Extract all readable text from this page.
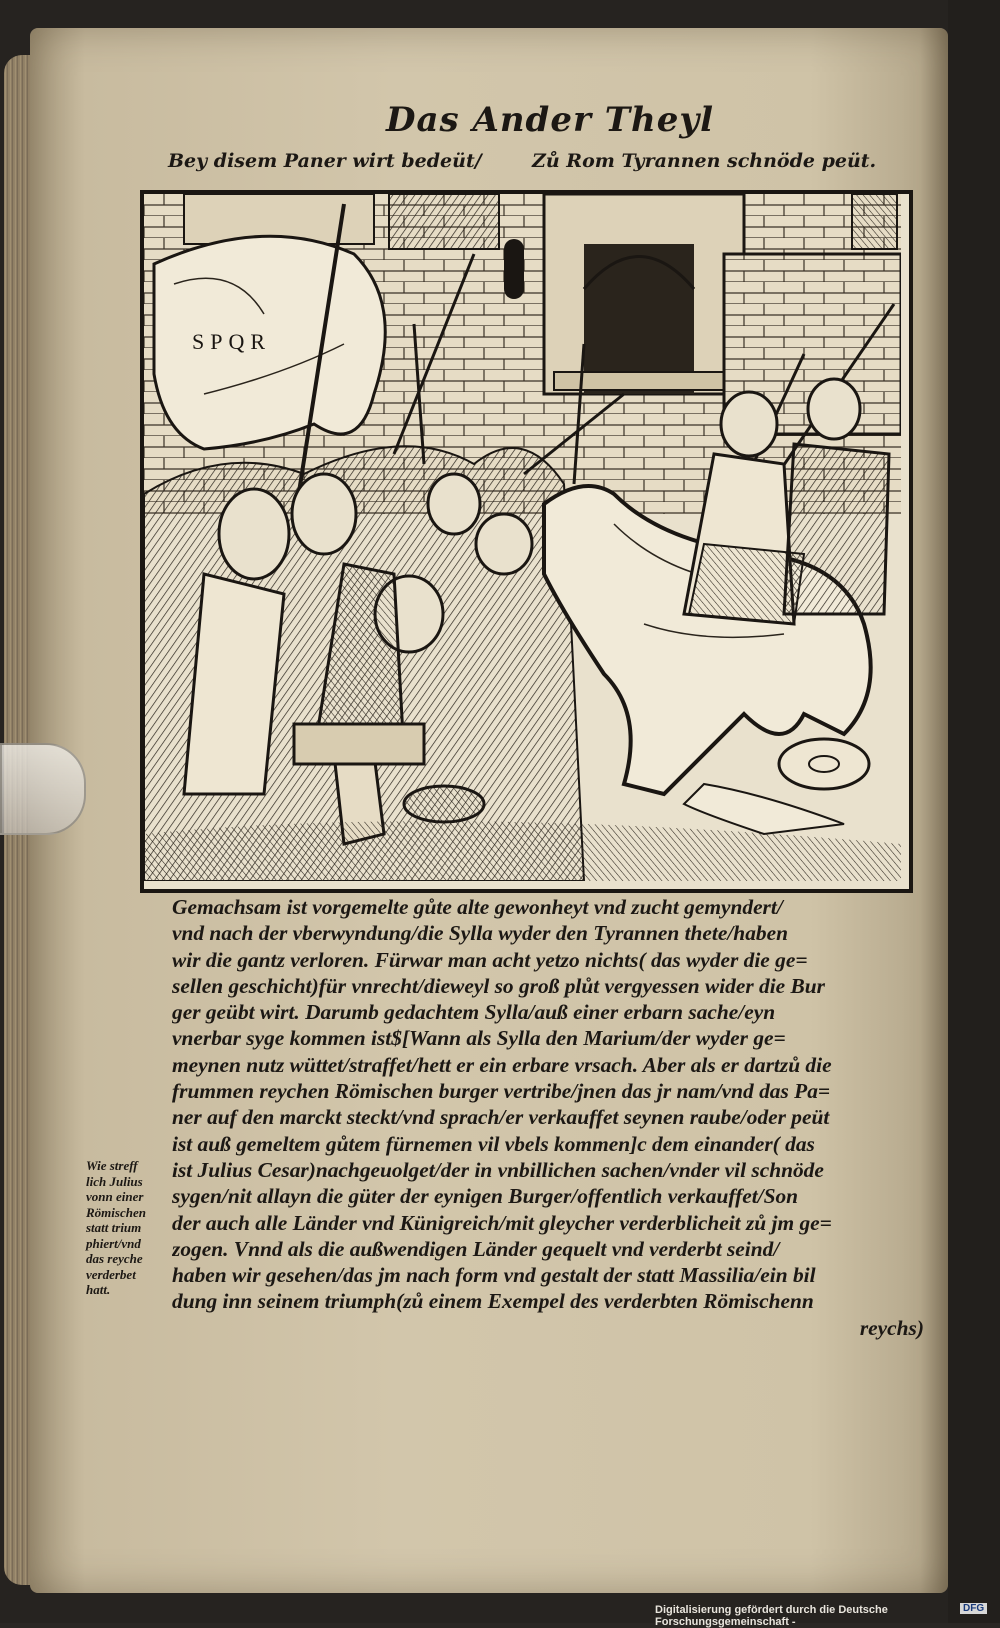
Das Ander Theyl
Bey disem Paner wirt bedeüt/	Zů Rom Tyrannen schnöde peüt.
SPQR
Gemachsam ist vorgemelte gůte alte gewonheyt vnd zucht gemyndert/
vnd nach der vberwyndung/die Sylla wyder den Tyrannen thete/haben
wir die gantz verloren. Fürwar man acht yetzo nichts( das wyder die ge=
sellen geschicht)für vnrecht/dieweyl so groß plůt vergyessen wider die Bur
ger geübt wirt. Darumb gedachtem Sylla/auß einer erbarn sache/eyn
vnerbar syge kommen ist$[Wann als Sylla den Marium/der wyder ge=
meynen nutz wüttet/straffet/hett er ein erbare vrsach. Aber als er dartzů die
frummen reychen Römischen burger vertribe/jnen das jr nam/vnd das Pa=
ner auf den marckt steckt/vnd sprach/er verkauffet seynen raube/oder peüt
ist auß gemeltem gůtem fürnemen vil vbels kommen]c dem einander( das
ist Julius Cesar)nachgeuolget/der in vnbillichen sachen/vnder vil schnöde
sygen/nit allayn die güter der eynigen Burger/offentlich verkauffet/Son
der auch alle Länder vnd Künigreich/mit gleycher verderblicheit zů jm ge=
zogen. Vnnd als die außwendigen Länder gequelt vnd verderbt seind/
haben wir gesehen/das jm nach form vnd gestalt der statt Massilia/ein bil
dung inn seinem triumph(zů einem Exempel des verderbten Römischenn
reychs)
Wie streff
lich Julius
vonn einer
Römischen
statt trium
phiert/vnd
das reyche
verderbet
hatt.
Digitalisierung gefördert durch die Deutsche Forschungsgemeinschaft -
DFG
